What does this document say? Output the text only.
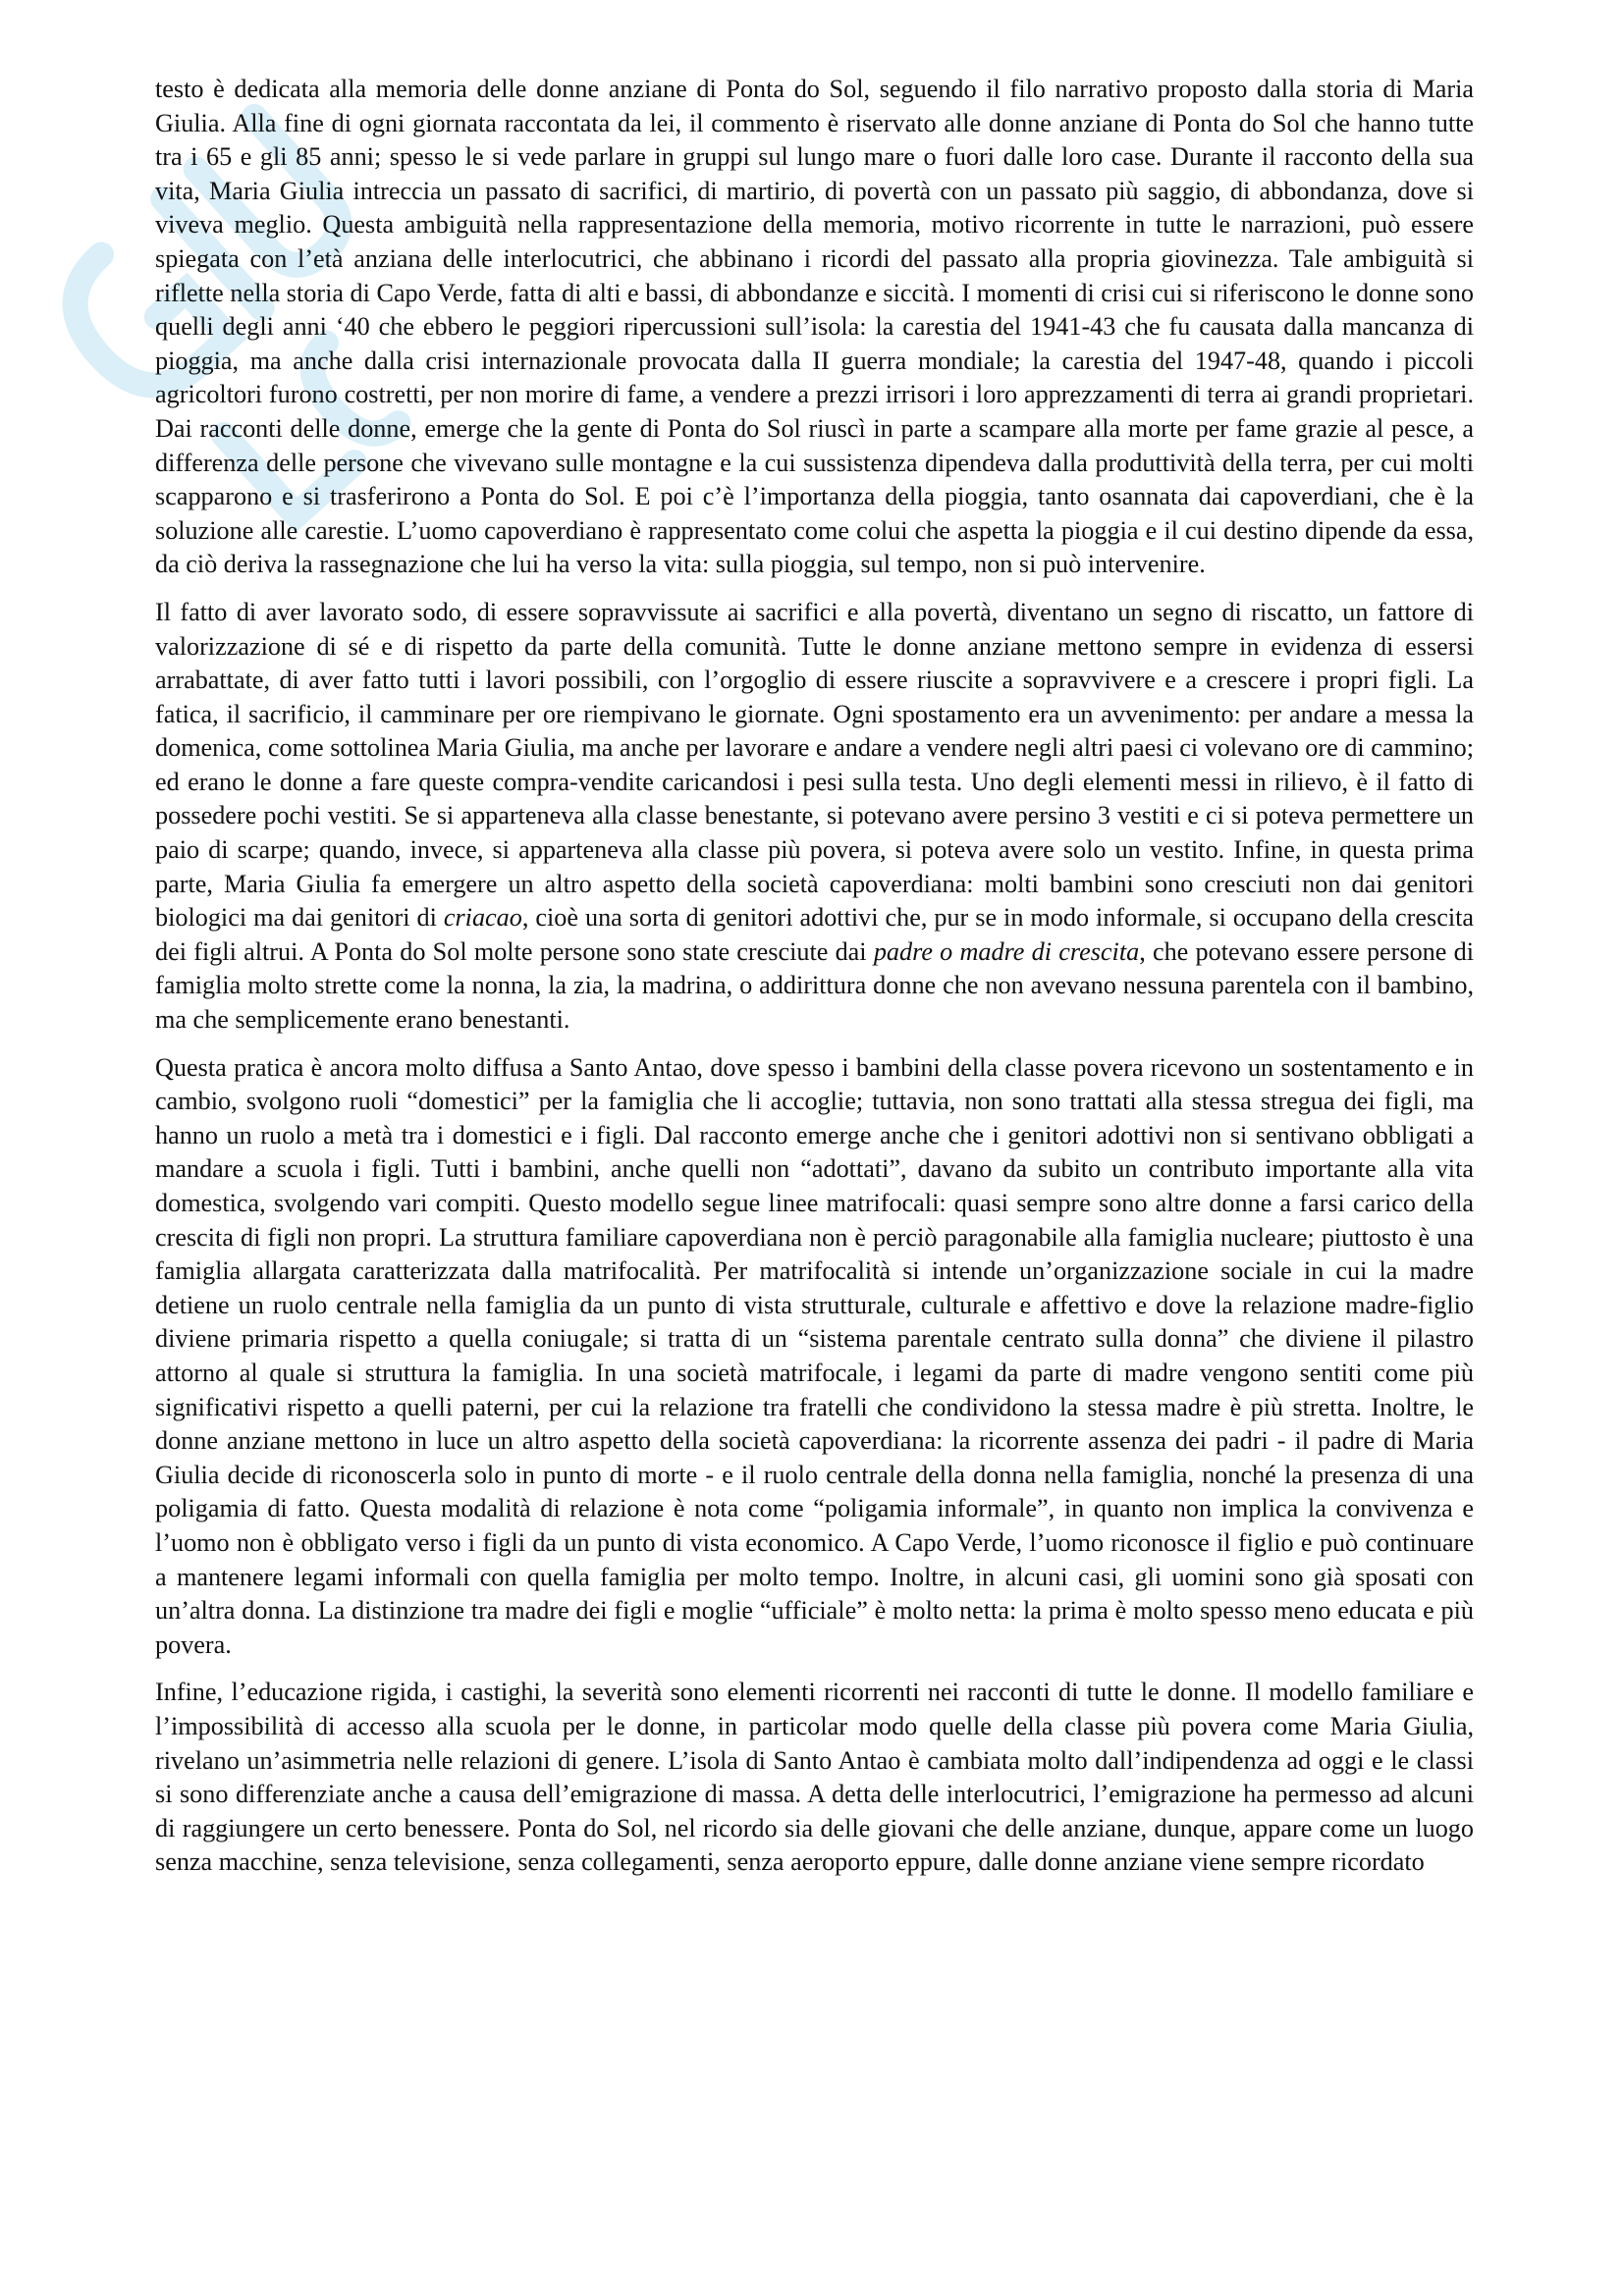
testo è dedicata alla memoria delle donne anziane di Ponta do Sol, seguendo il filo narrativo proposto dalla storia di Maria Giulia. Alla fine di ogni giornata raccontata da lei, il commento è riservato alle donne anziane di Ponta do Sol che hanno tutte tra i 65 e gli 85 anni; spesso le si vede parlare in gruppi sul lungo mare o fuori dalle loro case. Durante il racconto della sua vita, Maria Giulia intreccia un passato di sacrifici, di martirio, di povertà con un passato più saggio, di abbondanza, dove si viveva meglio. Questa ambiguità nella rappresentazione della memoria, motivo ricorrente in tutte le narrazioni, può essere spiegata con l’età anziana delle interlocutrici, che abbinano i ricordi del passato alla propria giovinezza. Tale ambiguità si riflette nella storia di Capo Verde, fatta di alti e bassi, di abbondanze e siccità. I momenti di crisi cui si riferiscono le donne sono quelli degli anni ‘40 che ebbero le peggiori ripercussioni sull’isola: la carestia del 1941-43 che fu causata dalla mancanza di pioggia, ma anche dalla crisi internazionale provocata dalla II guerra mondiale; la carestia del 1947-48, quando i piccoli agricoltori furono costretti, per non morire di fame, a vendere a prezzi irrisori i loro apprezzamenti di terra ai grandi proprietari. Dai racconti delle donne, emerge che la gente di Ponta do Sol riuscì in parte a scampare alla morte per fame grazie al pesce, a differenza delle persone che vivevano sulle montagne e la cui sussistenza dipendeva dalla produttività della terra, per cui molti scapparono e si trasferirono a Ponta do Sol. E poi c’è l’importanza della pioggia, tanto osannata dai capoverdiani, che è la soluzione alle carestie. L’uomo capoverdiano è rappresentato come colui che aspetta la pioggia e il cui destino dipende da essa, da ciò deriva la rassegnazione che lui ha verso la vita: sulla pioggia, sul tempo, non si può intervenire.

Il fatto di aver lavorato sodo, di essere sopravvissute ai sacrifici e alla povertà, diventano un segno di riscatto, un fattore di valorizzazione di sé e di rispetto da parte della comunità. Tutte le donne anziane mettono sempre in evidenza di essersi arrabattate, di aver fatto tutti i lavori possibili, con l’orgoglio di essere riuscite a sopravvivere e a crescere i propri figli. La fatica, il sacrificio, il camminare per ore riempivano le giornate. Ogni spostamento era un avvenimento: per andare a messa la domenica, come sottolinea Maria Giulia, ma anche per lavorare e andare a vendere negli altri paesi ci volevano ore di cammino; ed erano le donne a fare queste compra-vendite caricandosi i pesi sulla testa. Uno degli elementi messi in rilievo, è il fatto di possedere pochi vestiti. Se si apparteneva alla classe benestante, si potevano avere persino 3 vestiti e ci si poteva permettere un paio di scarpe; quando, invece, si apparteneva alla classe più povera, si poteva avere solo un vestito. Infine, in questa prima parte, Maria Giulia fa emergere un altro aspetto della società capoverdiana: molti bambini sono cresciuti non dai genitori biologici ma dai genitori di criacao, cioè una sorta di genitori adottivi che, pur se in modo informale, si occupano della crescita dei figli altrui. A Ponta do Sol molte persone sono state cresciute dai padre o madre di crescita, che potevano essere persone di famiglia molto strette come la nonna, la zia, la madrina, o addirittura donne che non avevano nessuna parentela con il bambino, ma che semplicemente erano benestanti.

Questa pratica è ancora molto diffusa a Santo Antao, dove spesso i bambini della classe povera ricevono un sostentamento e in cambio, svolgono ruoli “domestici” per la famiglia che li accoglie; tuttavia, non sono trattati alla stessa stregua dei figli, ma hanno un ruolo a metà tra i domestici e i figli. Dal racconto emerge anche che i genitori adottivi non si sentivano obbligati a mandare a scuola i figli. Tutti i bambini, anche quelli non “adottati”, davano da subito un contributo importante alla vita domestica, svolgendo vari compiti. Questo modello segue linee matrifocali: quasi sempre sono altre donne a farsi carico della crescita di figli non propri. La struttura familiare capoverdiana non è perciò paragonabile alla famiglia nucleare; piuttosto è una famiglia allargata caratterizzata dalla matrifocalità. Per matrifocalità si intende un’organizzazione sociale in cui la madre detiene un ruolo centrale nella famiglia da un punto di vista strutturale, culturale e affettivo e dove la relazione madre-figlio diviene primaria rispetto a quella coniugale; si tratta di un “sistema parentale centrato sulla donna” che diviene il pilastro attorno al quale si struttura la famiglia. In una società matrifocale, i legami da parte di madre vengono sentiti come più significativi rispetto a quelli paterni, per cui la relazione tra fratelli che condividono la stessa madre è più stretta. Inoltre, le donne anziane mettono in luce un altro aspetto della società capoverdiana: la ricorrente assenza dei padri - il padre di Maria Giulia decide di riconoscerla solo in punto di morte - e il ruolo centrale della donna nella famiglia, nonché la presenza di una poligamia di fatto. Questa modalità di relazione è nota come “poligamia informale”, in quanto non implica la convivenza e l’uomo non è obbligato verso i figli da un punto di vista economico. A Capo Verde, l’uomo riconosce il figlio e può continuare a mantenere legami informali con quella famiglia per molto tempo. Inoltre, in alcuni casi, gli uomini sono già sposati con un’altra donna. La distinzione tra madre dei figli e moglie “ufficiale” è molto netta: la prima è molto spesso meno educata e più povera.

Infine, l’educazione rigida, i castighi, la severità sono elementi ricorrenti nei racconti di tutte le donne. Il modello familiare e l’impossibilità di accesso alla scuola per le donne, in particolar modo quelle della classe più povera come Maria Giulia, rivelano un’asimmetria nelle relazioni di genere. L’isola di Santo Antao è cambiata molto dall’indipendenza ad oggi e le classi si sono differenziate anche a causa dell’emigrazione di massa. A detta delle interlocutrici, l’emigrazione ha permesso ad alcuni di raggiungere un certo benessere. Ponta do Sol, nel ricordo sia delle giovani che delle anziane, dunque, appare come un luogo senza macchine, senza televisione, senza collegamenti, senza aeroporto eppure, dalle donne anziane viene sempre ricordato
